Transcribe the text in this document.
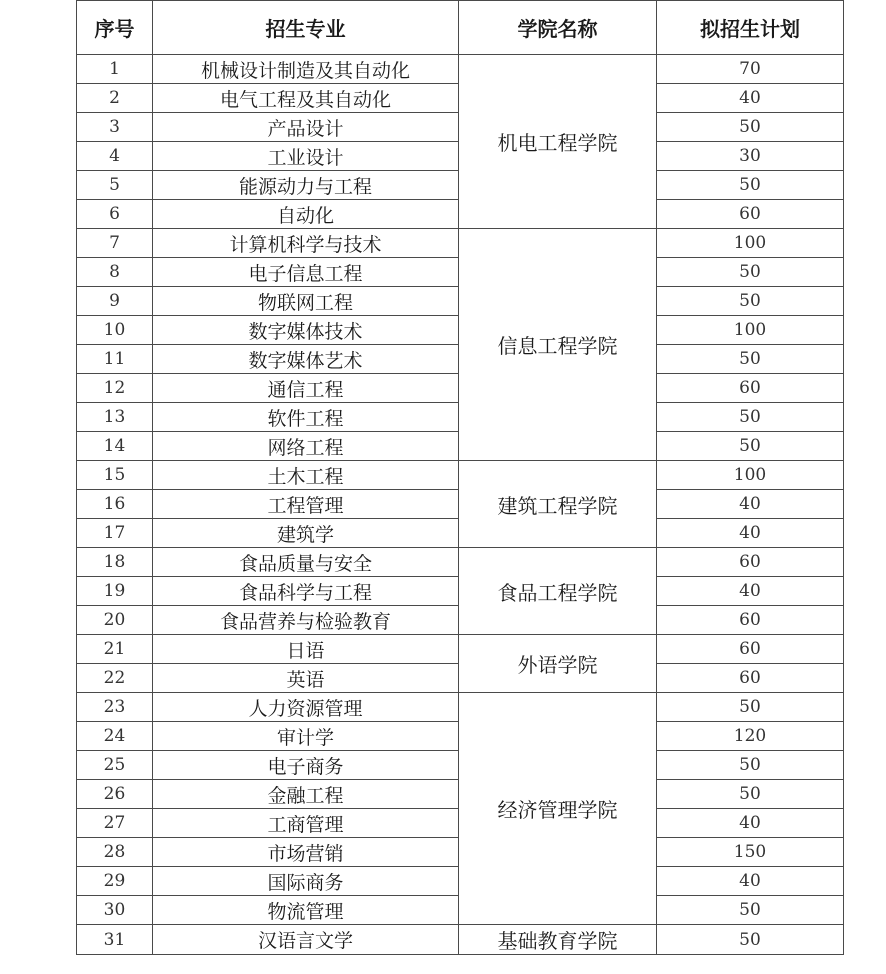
序号	招生专业	学院名称	拟招生计划
1	机械设计制造及其自动化	机电工程学院	70
2	电气工程及其自动化		40
3	产品设计		50
4	工业设计		30
5	能源动力与工程		50
6	自动化		60
7	计算机科学与技术	信息工程学院	100
8	电子信息工程		50
9	物联网工程		50
10	数字媒体技术		100
11	数字媒体艺术		50
12	通信工程		60
13	软件工程		50
14	网络工程		50
15	土木工程	建筑工程学院	100
16	工程管理		40
17	建筑学		40
18	食品质量与安全	食品工程学院	60
19	食品科学与工程		40
20	食品营养与检验教育		60
21	日语	外语学院	60
22	英语		60
23	人力资源管理	经济管理学院	50
24	审计学		120
25	电子商务		50
26	金融工程		50
27	工商管理		40
28	市场营销		150
29	国际商务		40
30	物流管理		50
31	汉语言文学	基础教育学院	50
